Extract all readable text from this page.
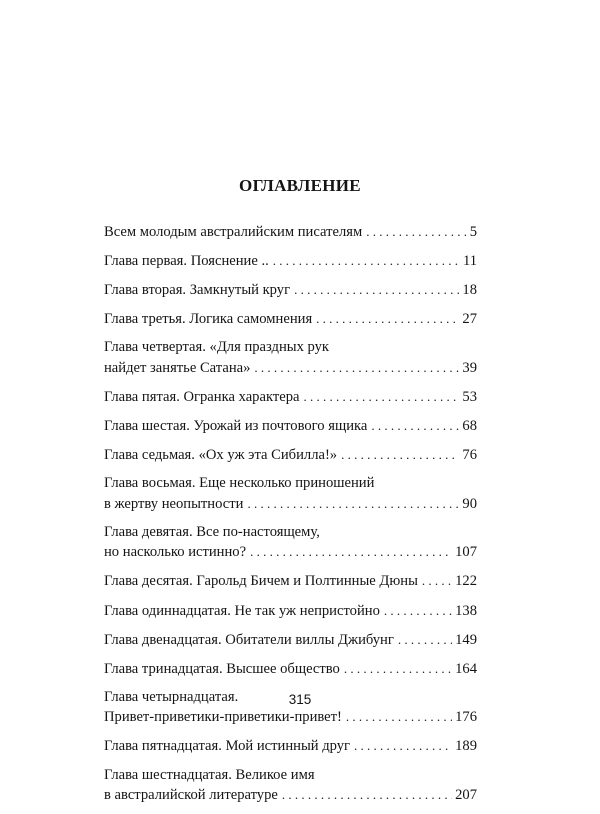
ОГЛАВЛЕНИЕ
Всем молодым австралийским писателям . . .	5
Глава первая. Пояснение .. . . .	11
Глава вторая. Замкнутый круг . . .	18
Глава третья. Логика самомнения . . .	27
Глава четвертая. «Для праздных рук
найдет занятье Сатана» . . .	39
Глава пятая. Огранка характера . . .	53
Глава шестая. Урожай из почтового ящика . . .	68
Глава седьмая. «Ох уж эта Сибилла!» . . .	76
Глава восьмая. Еще несколько приношений
в жертву неопытности . . .	90
Глава девятая. Все по-настоящему,
но насколько истинно? . . .	107
Глава десятая. Гарольд Бичем и Полтинные Дюны . . .	122
Глава одиннадцатая. Не так уж непристойно . . .	138
Глава двенадцатая. Обитатели виллы Джибунг . . .	149
Глава тринадцатая. Высшее общество . . .	164
Глава четырнадцатая.
Привет-приветики-приветики-привет! . . .	176
Глава пятнадцатая. Мой истинный друг . . .	189
Глава шестнадцатая. Великое имя
в австралийской литературе . . .	207
315
